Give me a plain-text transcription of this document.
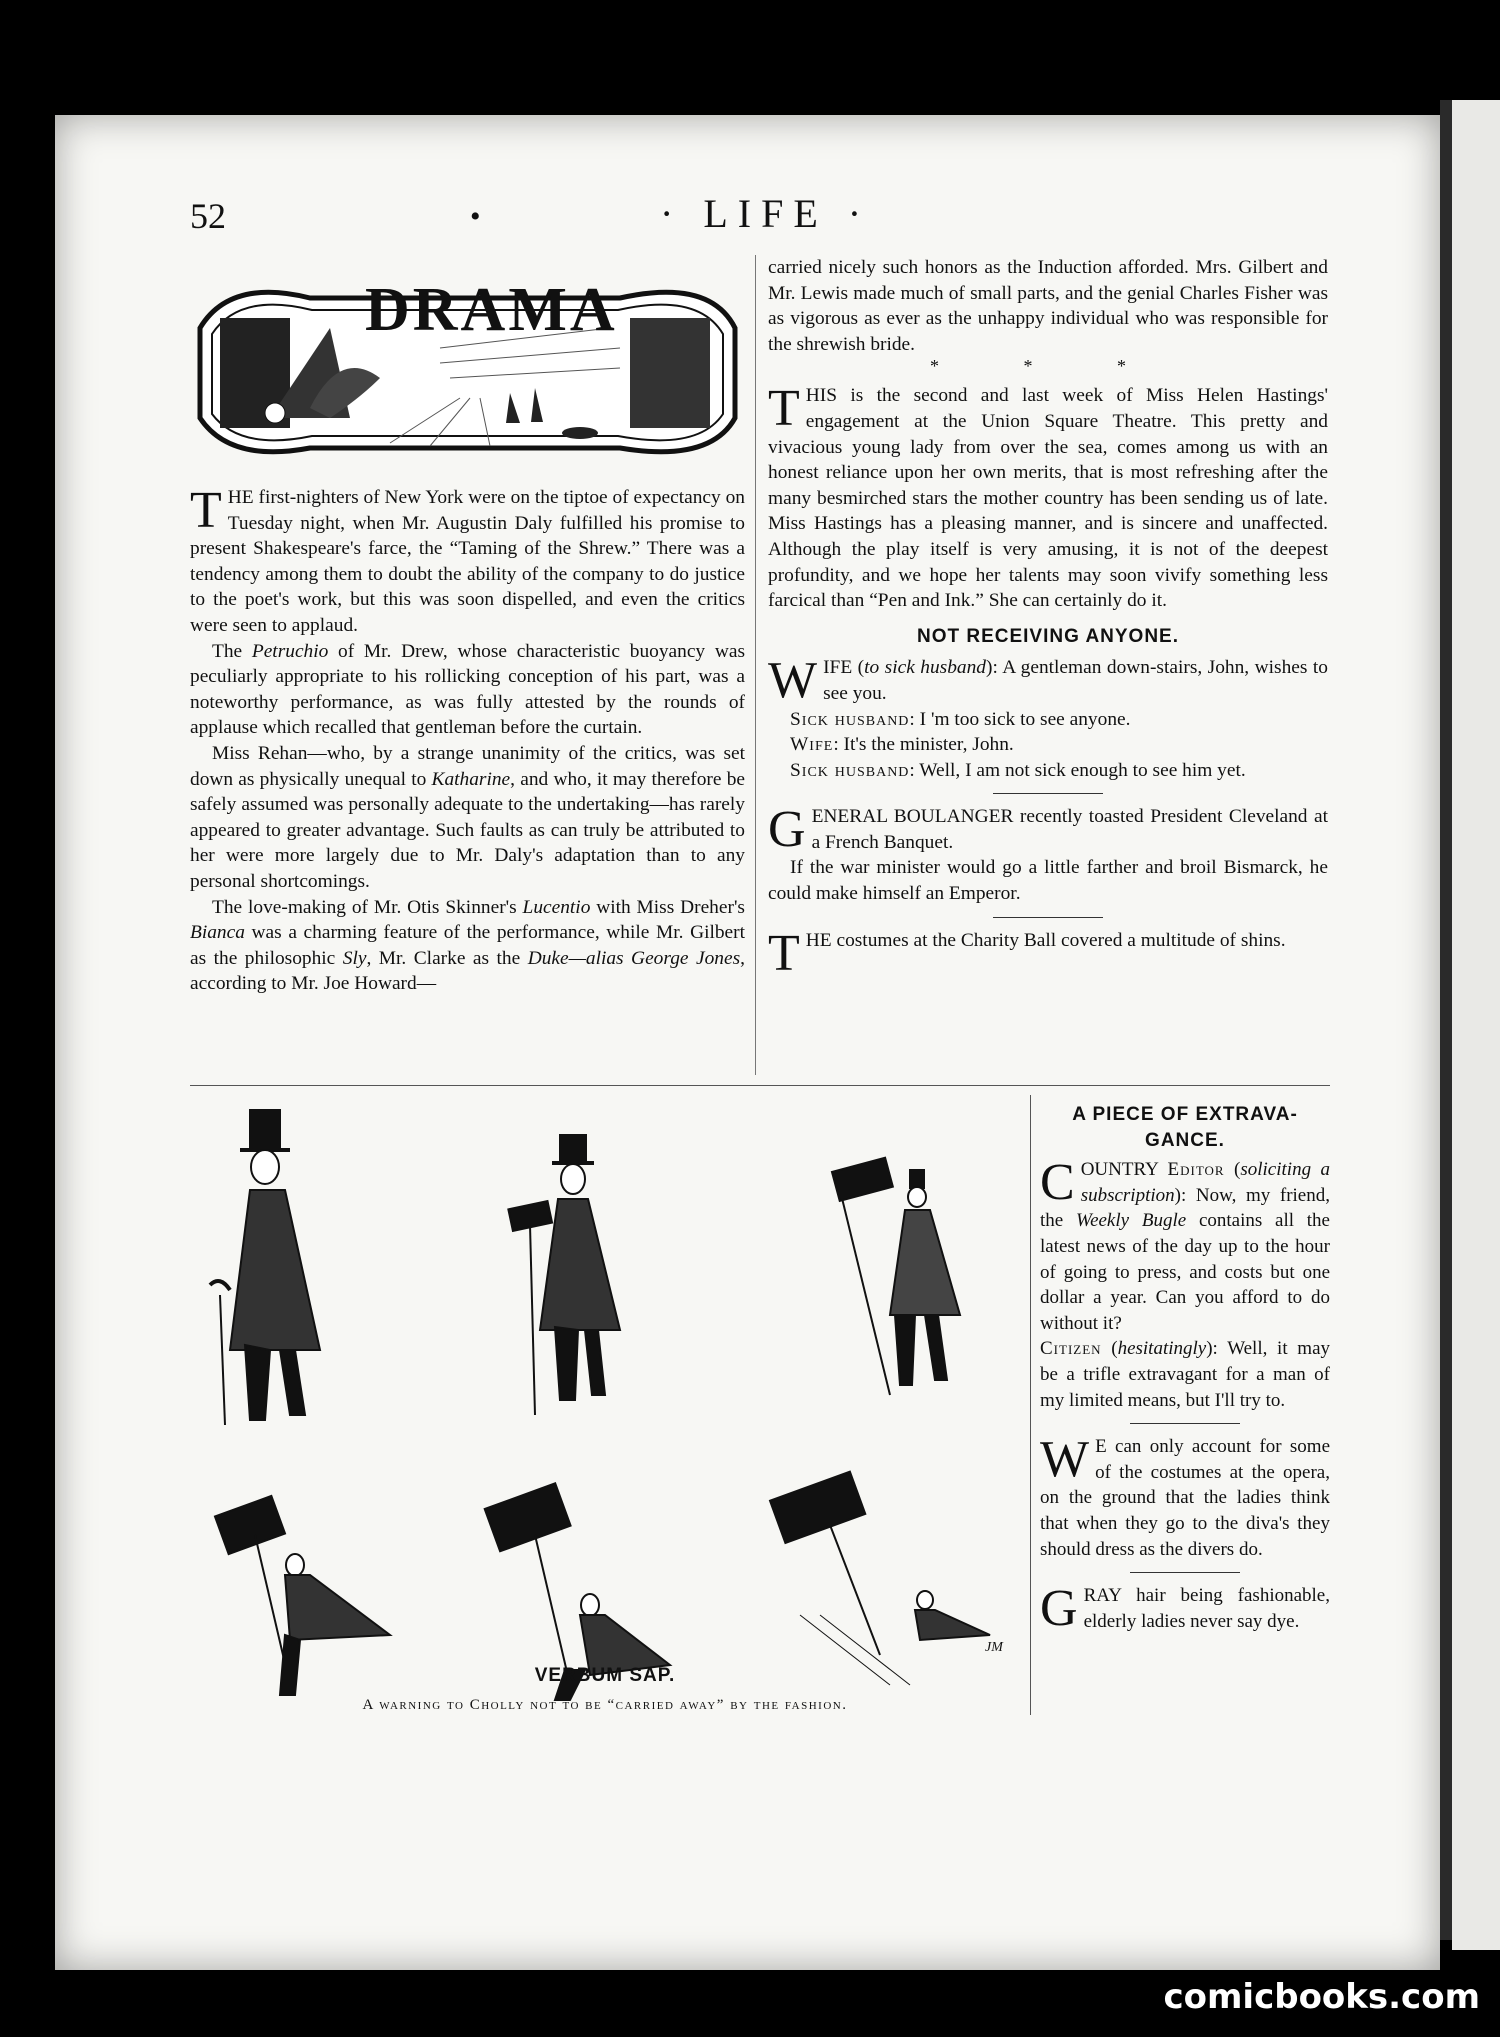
52	•	· LIFE ·
DRAMA

THE first-nighters of New York were on the tiptoe of expectancy on Tuesday night, when Mr. Augustin Daly fulfilled his promise to present Shakespeare's farce, the “Taming of the Shrew.” There was a tendency among them to doubt the ability of the company to do justice to the poet's work, but this was soon dispelled, and even the critics were seen to applaud.

The Petruchio of Mr. Drew, whose characteristic buoyancy was peculiarly appropriate to his rollicking conception of his part, was a noteworthy performance, as was fully attested by the rounds of applause which recalled that gentleman before the curtain.

Miss Rehan—who, by a strange unanimity of the critics, was set down as physically unequal to Katharine, and who, it may therefore be safely assumed was personally adequate to the undertaking—has rarely appeared to greater advantage. Such faults as can truly be attributed to her were more largely due to Mr. Daly's adaptation than to any personal shortcomings.

The love-making of Mr. Otis Skinner's Lucentio with Miss Dreher's Bianca was a charming feature of the performance, while Mr. Gilbert as the philosophic Sly, Mr. Clarke as the Duke—alias George Jones, according to Mr. Joe Howard—

carried nicely such honors as the Induction afforded. Mrs. Gilbert and Mr. Lewis made much of small parts, and the genial Charles Fisher was as vigorous as ever as the unhappy individual who was responsible for the shrewish bride.

* * *

THIS is the second and last week of Miss Helen Hastings' engagement at the Union Square Theatre. This pretty and vivacious young lady from over the sea, comes among us with an honest reliance upon her own merits, that is most refreshing after the many besmirched stars the mother country has been sending us of late. Miss Hastings has a pleasing manner, and is sincere and unaffected. Although the play itself is very amusing, it is not of the deepest profundity, and we hope her talents may soon vivify something less farcical than “Pen and Ink.” She can certainly do it.

NOT RECEIVING ANYONE.

WIFE (to sick husband): A gentleman down-stairs, John, wishes to see you.

Sick husband: I 'm too sick to see anyone.

Wife: It's the minister, John.

Sick husband: Well, I am not sick enough to see him yet.

GENERAL BOULANGER recently toasted President Cleveland at a French Banquet.

If the war minister would go a little farther and broil Bismarck, he could make himself an Emperor.

THE costumes at the Charity Ball covered a multitude of shins.

JM
VERBUM SAP.
A warning to Cholly not to be “carried away” by the fashion.
A PIECE OF EXTRAVA-GANCE.

COUNTRY Editor (soliciting a subscription): Now, my friend, the Weekly Bugle contains all the latest news of the day up to the hour of going to press, and costs but one dollar a year. Can you afford to do without it?

Citizen (hesitatingly): Well, it may be a trifle extravagant for a man of my limited means, but I'll try to.

W E can only account for some of the costumes at the opera, on the ground that the ladies think that when they go to the diva's they should dress as the divers do.

GRAY hair being fashionable, elderly ladies never say dye.

comicbooks.com
